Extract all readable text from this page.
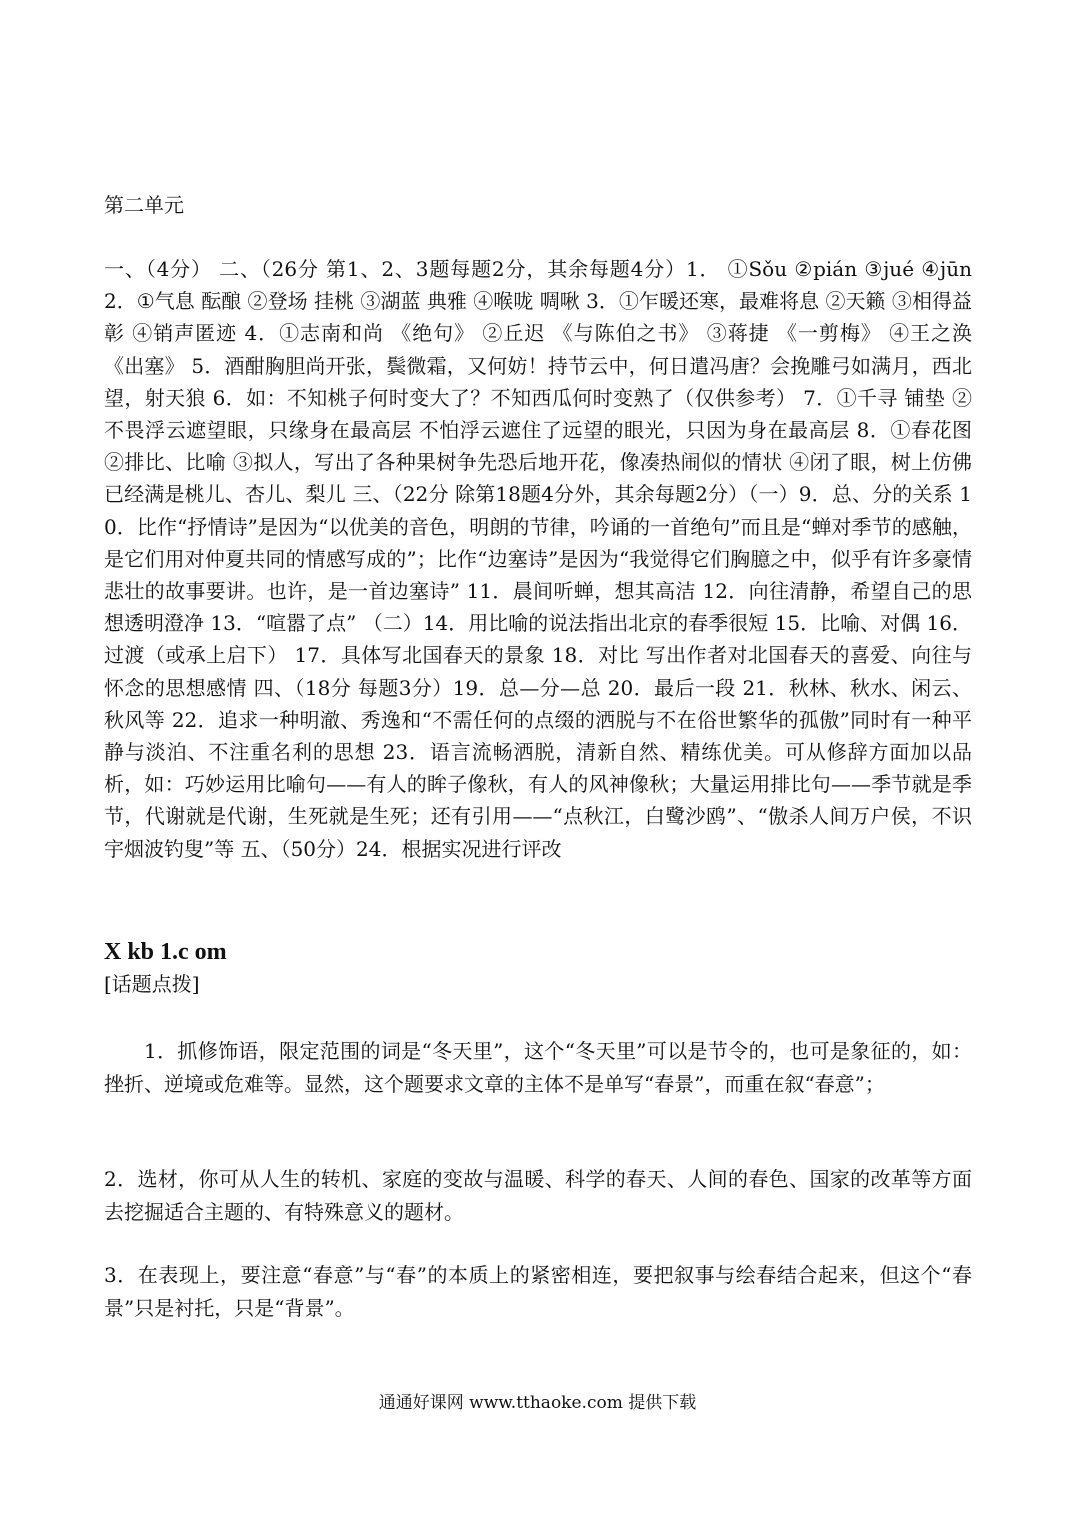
第二单元
一、（4分） 二、（26分 第1、2、3题每题2分，其余每题4分）1． ①Sǒu ②pián ③jué ④jūn 2．①气息 酝酿 ②登场 挂桃 ③湖蓝 典雅 ④喉咙 啁啾 3．①乍暖还寒，最难将息 ②天籁 ③相得益彰 ④销声匿迹 4．①志南和尚 《绝句》 ②丘迟 《与陈伯之书》 ③蒋捷 《一剪梅》 ④王之涣 《出塞》 5．酒酣胸胆尚开张，鬓微霜，又何妨！持节云中，何日遣冯唐？会挽雕弓如满月，西北望，射天狼 6．如：不知桃子何时变大了？不知西瓜何时变熟了（仅供参考） 7．①千寻 铺垫 ②不畏浮云遮望眼，只缘身在最高层 不怕浮云遮住了远望的眼光，只因为身在最高层 8．①春花图 ②排比、比喻 ③拟人，写出了各种果树争先恐后地开花，像凑热闹似的情状 ④闭了眼，树上仿佛已经满是桃儿、杏儿、梨儿 三、（22分 除第18题4分外，其余每题2分）（一）9．总、分的关系 10．比作“抒情诗”是因为“以优美的音色，明朗的节律，吟诵的一首绝句”而且是“蝉对季节的感触，是它们用对仲夏共同的情感写成的”；比作“边塞诗”是因为“我觉得它们胸臆之中，似乎有许多豪情悲壮的故事要讲。也许，是一首边塞诗” 11．晨间听蝉，想其高洁 12．向往清静，希望自己的思想透明澄净 13．“喧嚣了点” （二）14．用比喻的说法指出北京的春季很短 15．比喻、对偶 16．过渡（或承上启下） 17．具体写北国春天的景象 18．对比 写出作者对北国春天的喜爱、向往与怀念的思想感情 四、（18分 每题3分）19．总—分—总 20．最后一段 21．秋林、秋水、闲云、秋风等 22．追求一种明澈、秀逸和“不需任何的点缀的洒脱与不在俗世繁华的孤傲”同时有一种平静与淡泊、不注重名利的思想 23．语言流畅洒脱，清新自然、精练优美。可从修辞方面加以品析，如：巧妙运用比喻句——有人的眸子像秋，有人的风神像秋；大量运用排比句——季节就是季节，代谢就是代谢，生死就是生死；还有引用——“点秋江，白鹭沙鸥”、“傲杀人间万户侯，不识宇烟波钓叟”等 五、（50分）24．根据实况进行评改
X kb 1.c om
[话题点拨]
1．抓修饰语，限定范围的词是“冬天里”，这个“冬天里”可以是节令的，也可是象征的，如：挫折、逆境或危难等。显然，这个题要求文章的主体不是单写“春景”，而重在叙“春意”；
2．选材，你可从人生的转机、家庭的变故与温暖、科学的春天、人间的春色、国家的改革等方面去挖掘适合主题的、有特殊意义的题材。
3．在表现上，要注意“春意”与“春”的本质上的紧密相连，要把叙事与绘春结合起来，但这个“春景”只是衬托，只是“背景”。
通通好课网 www.tthaoke.com 提供下载
